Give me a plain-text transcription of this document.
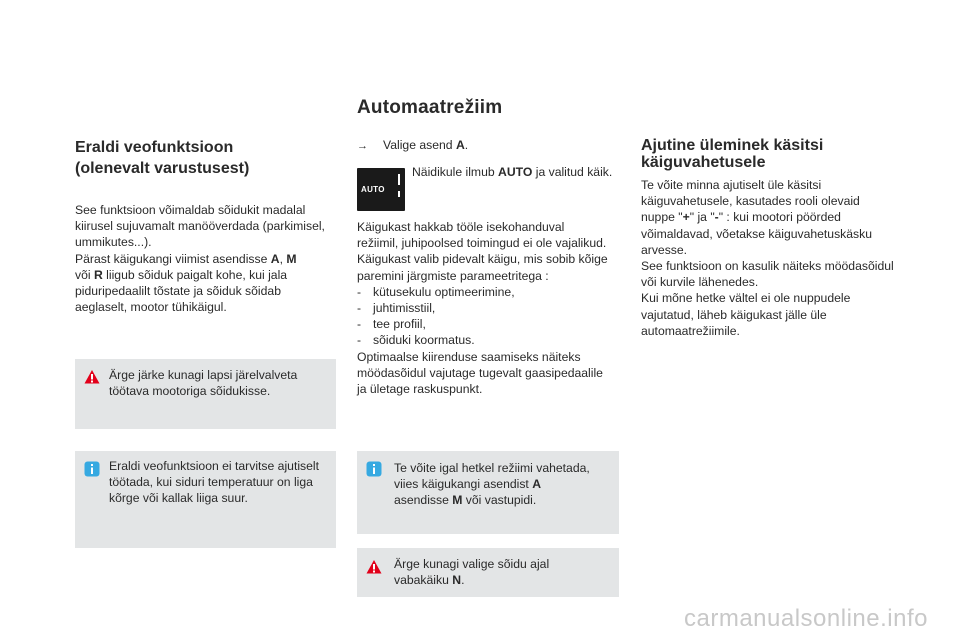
Automaatrežiim
Eraldi veofunktsioon
(olenevalt varustusest)
See funktsioon võimaldab sõidukit madalal
kiirusel sujuvamalt manööverdada (parkimisel,
ummikutes...).
Pärast käigukangi viimist asendisse A, M
või R liigub sõiduk paigalt kohe, kui jala
piduripedaalilt tõstate ja sõiduk sõidab
aeglaselt, mootor tühikäigul.
Ärge järke kunagi lapsi järelvalveta
töötava mootoriga sõidukisse.
Eraldi veofunktsioon ei tarvitse ajutiselt
töötada, kui siduri temperatuur on liga
kõrge või kallak liiga suur.
→ Valige asend A.
AUTO
Näidikule ilmub AUTO ja valitud käik.
Käigukast hakkab tööle isekohanduval
režiimil, juhipoolsed toimingud ei ole vajalikud.
Käigukast valib pidevalt käigu, mis sobib kõige
paremini järgmiste parameetritega :
- kütusekulu optimeerimine,
- juhtimisstiil,
- tee profiil,
- sõiduki koormatus.
Optimaalse kiirenduse saamiseks näiteks
möödasõidul vajutage tugevalt gaasipedaalile
ja ületage raskuspunkt.
Te võite igal hetkel režiimi vahetada,
viies käigukangi asendist A
asendisse M või vastupidi.
Ärge kunagi valige sõidu ajal
vabakäiku N.
Ajutine üleminek käsitsi
käiguvahetusele
Te võite minna ajutiselt üle käsitsi
käiguvahetusele, kasutades rooli olevaid
nuppe "+" ja "-" : kui mootori pöörded
võimaldavad, võetakse käiguvahetuskäsku
arvesse.
See funktsioon on kasulik näiteks möödasõidul
või kurvile lähenedes.
Kui mõne hetke vältel ei ole nuppudele
vajutatud, läheb käigukast jälle üle
automaatrežiimile.
carmanualsonline.info
